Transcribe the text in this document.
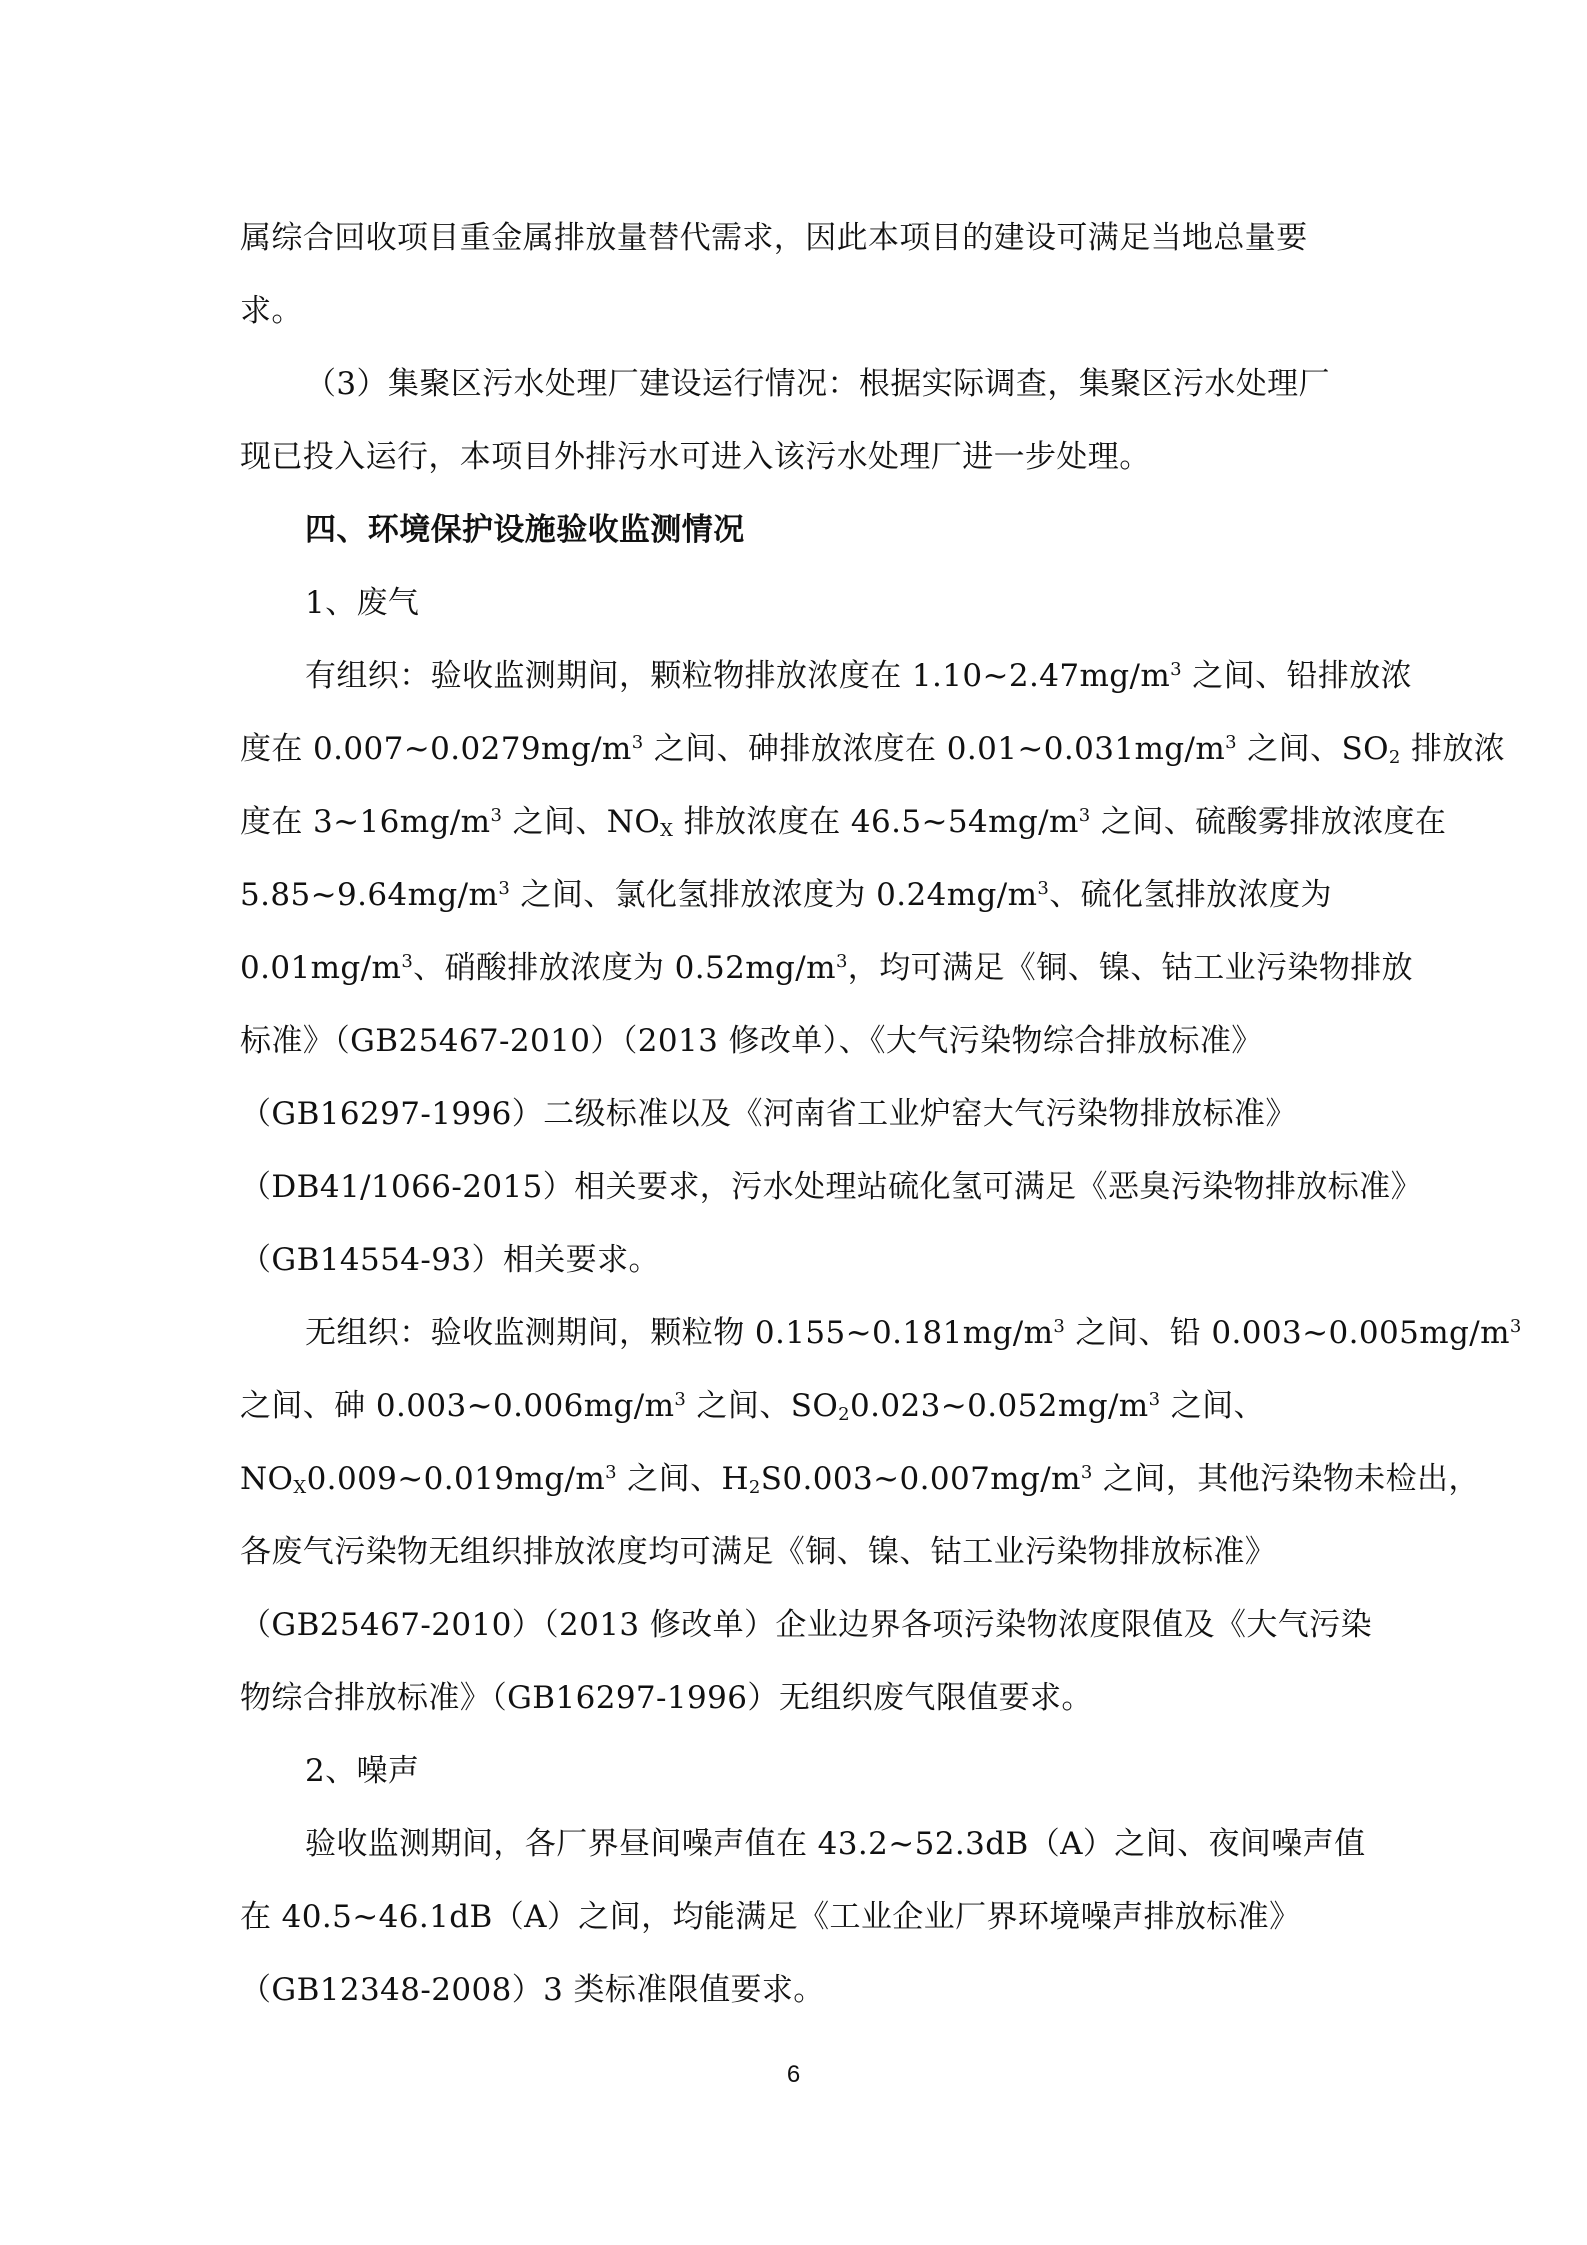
属综合回收项目重金属排放量替代需求，因此本项目的建设可满足当地总量要
求。
（3）集聚区污水处理厂建设运行情况：根据实际调查，集聚区污水处理厂
现已投入运行，本项目外排污水可进入该污水处理厂进一步处理。
四、环境保护设施验收监测情况
1、废气
有组织：验收监测期间，颗粒物排放浓度在 $1.10\sim 2.47mg/m^3$ 之间、铅排放浓
度在 $0.007\sim 0.0279mg/m^3$ 之间、砷排放浓度在 $0.01\sim 0.031mg/m^3$ 之间、$SO_2$ 排放浓
度在 $3\sim 16mg/m^3$ 之间、$NO_X$ 排放浓度在 $46.5\sim 54mg/m^3$ 之间、硫酸雾排放浓度在
$5.85\sim 9.64mg/m^3$ 之间、氯化氢排放浓度为 $0.24mg/m^3$、硫化氢排放浓度为
$0.01mg/m^3$、硝酸排放浓度为 $0.52mg/m^3$，均可满足《铜、镍、钴工业污染物排放
标准》（GB25467-2010）（2013 修改单）、《大气污染物综合排放标准》
（GB16297-1996）二级标准以及《河南省工业炉窑大气污染物排放标准》
（DB41/1066-2015）相关要求，污水处理站硫化氢可满足《恶臭污染物排放标准》
（GB14554-93）相关要求。
无组织：验收监测期间，颗粒物 $0.155\sim 0.181mg/m^3$ 之间、铅 $0.003\sim 0.005mg/m^3$
之间、砷 $0.003\sim 0.006mg/m^3$ 之间、$SO_20.023\sim 0.052mg/m^3$ 之间、
$NO_X0.009\sim 0.019mg/m^3$ 之间、$H_2S0.003\sim 0.007mg/m^3$ 之间，其他污染物未检出，
各废气污染物无组织排放浓度均可满足《铜、镍、钴工业污染物排放标准》
（GB25467-2010）（2013 修改单）企业边界各项污染物浓度限值及《大气污染
物综合排放标准》（GB16297-1996）无组织废气限值要求。
2、噪声
验收监测期间，各厂界昼间噪声值在 43.2~52.3dB（A）之间、夜间噪声值
在 40.5~46.1dB（A）之间，均能满足《工业企业厂界环境噪声排放标准》
（GB12348-2008）3 类标准限值要求。
6
